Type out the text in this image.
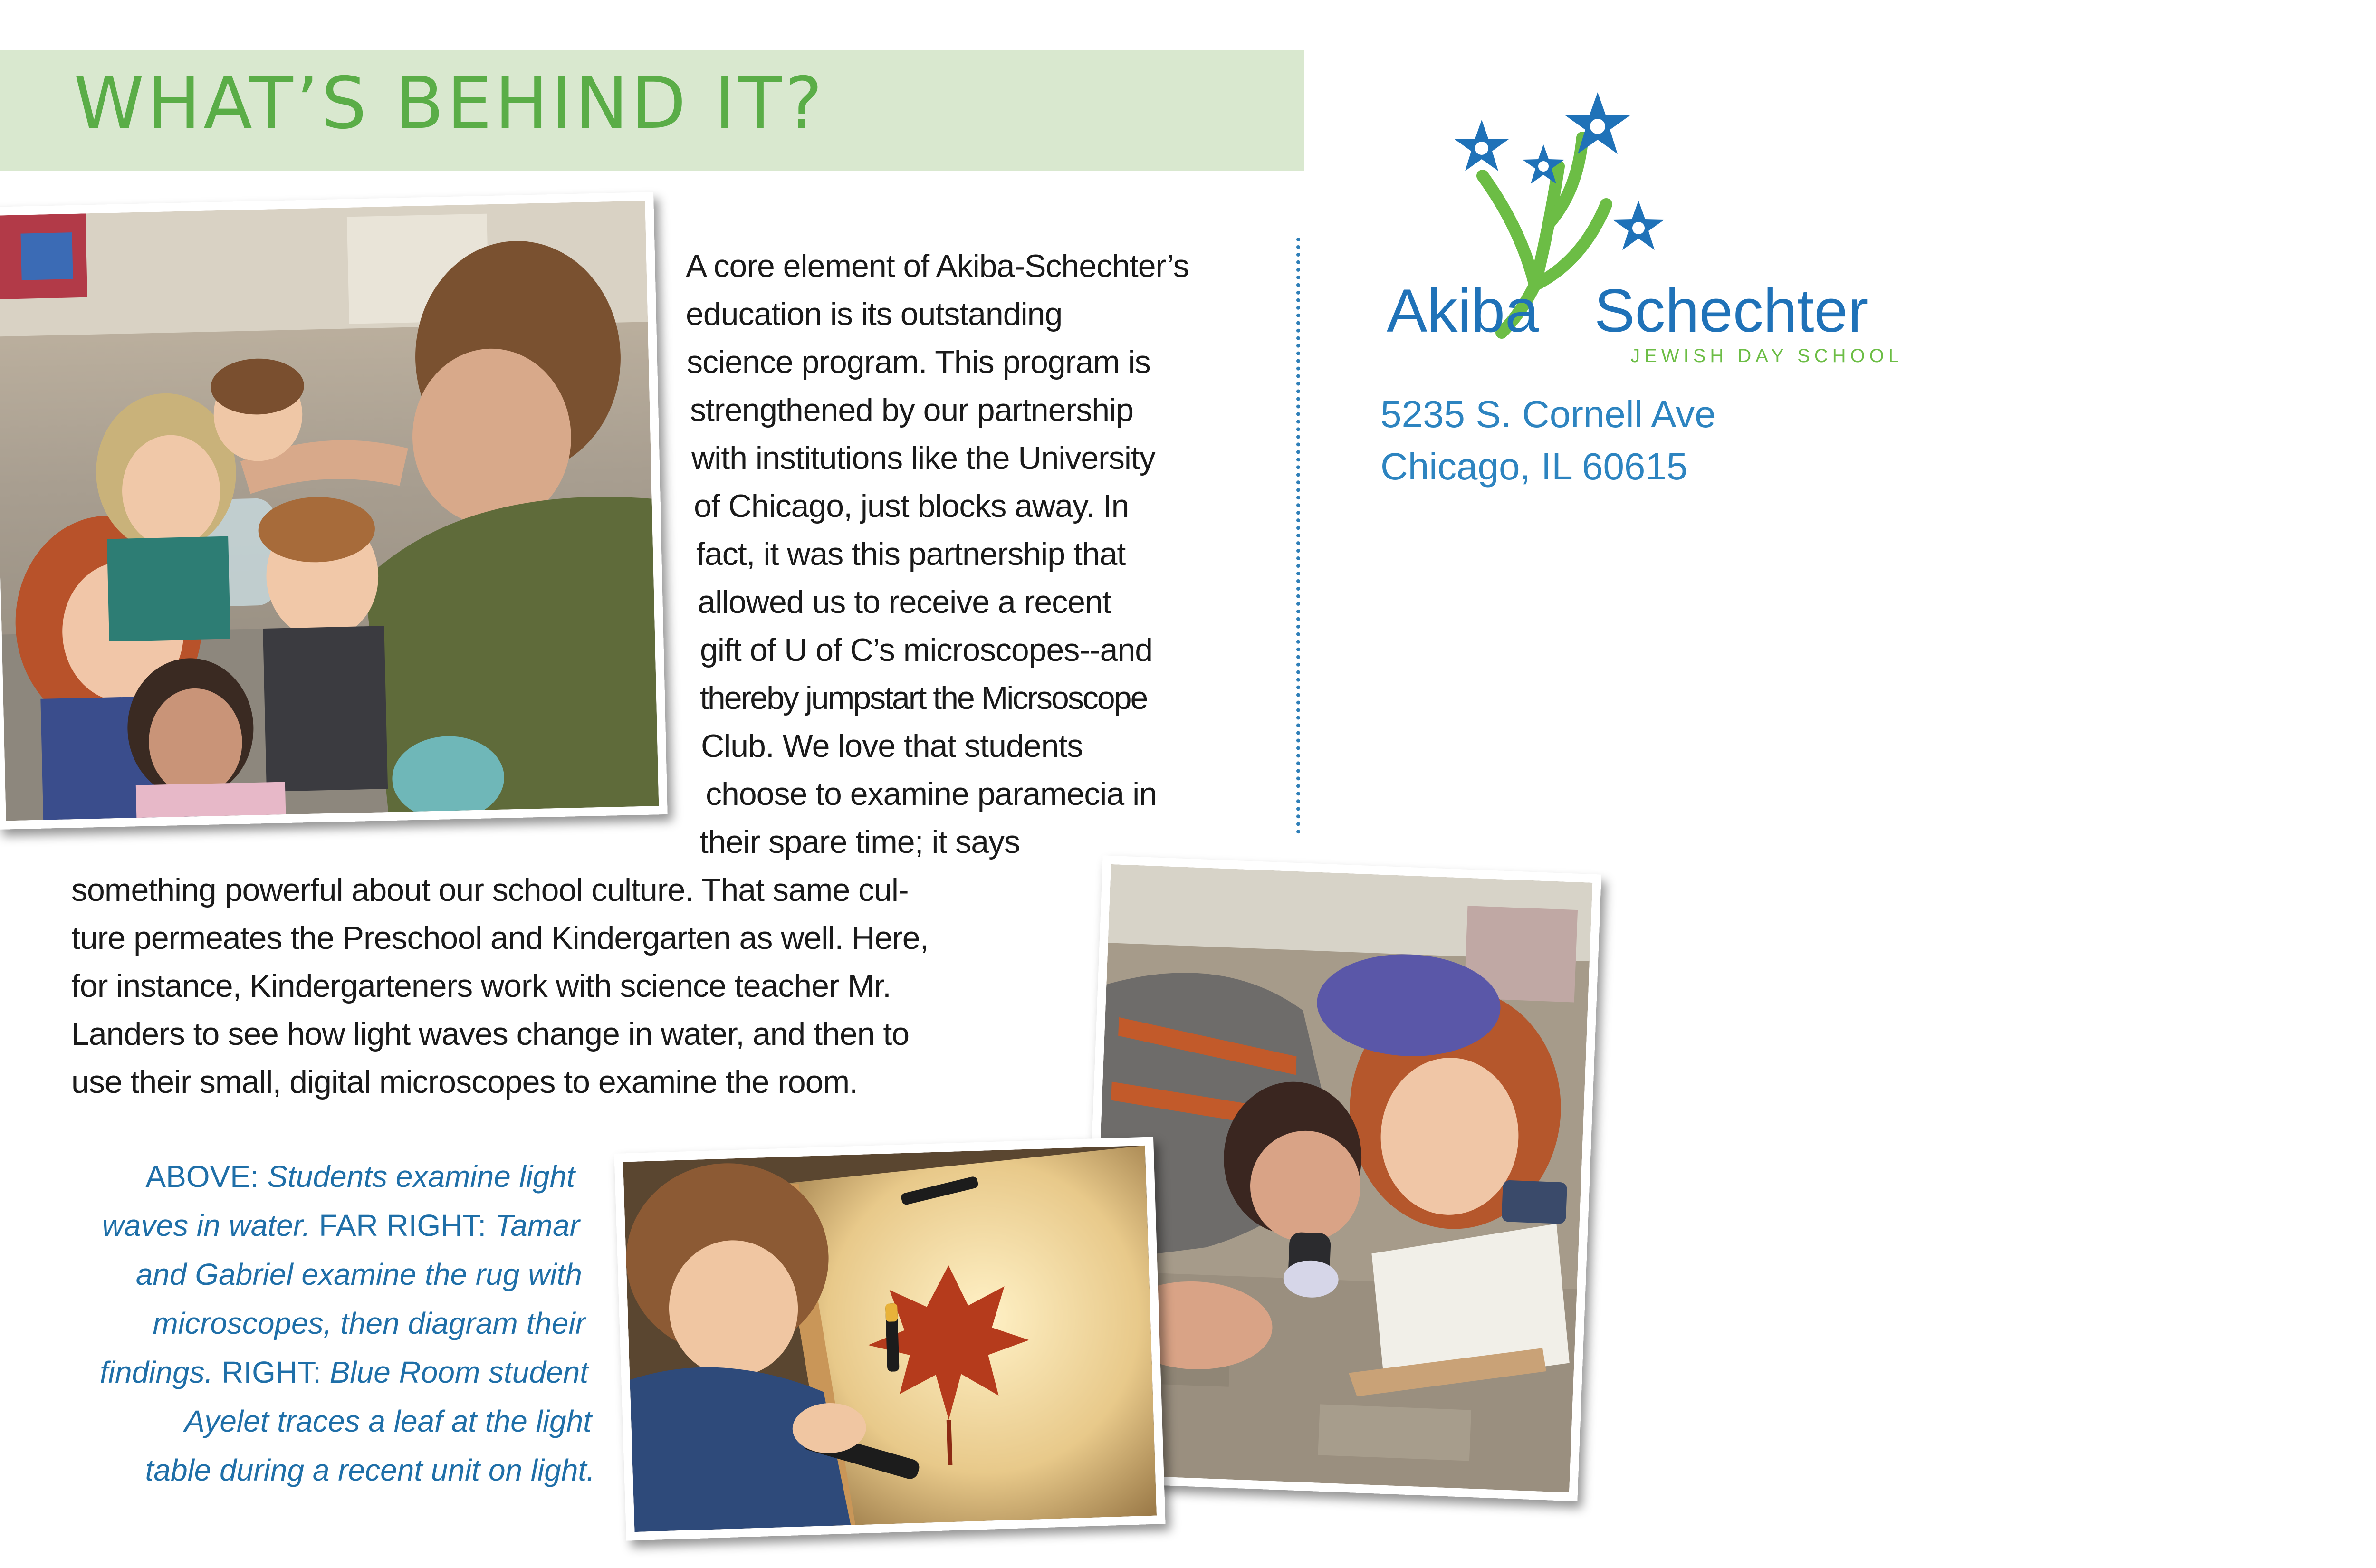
WHAT’S BEHIND IT?
A core element of Akiba-Schechter’s
education is its outstanding
science program. This program is
strengthened by our partnership
with institutions like the University
of Chicago, just blocks away. In
fact, it was this partnership that
allowed us to receive a recent
gift of U of C’s microscopes--and
thereby jumpstart the Micrsoscope
Club. We love that students
choose to examine paramecia in
their spare time; it says
something powerful about our school culture. That same cul-
ture permeates the Preschool and Kindergarten as well. Here,
for instance, Kindergarteners work with science teacher Mr.
Landers to see how light waves change in water, and then to
use their small, digital microscopes to examine the room.
ABOVE: Students examine light
waves in water. FAR RIGHT: Tamar
and Gabriel examine the rug with
microscopes, then diagram their
findings. RIGHT: Blue Room student
Ayelet traces a leaf at the light
table during a recent unit on light.
Akiba Schechter
JEWISH DAY SCHOOL
5235 S. Cornell Ave
Chicago, IL 60615
